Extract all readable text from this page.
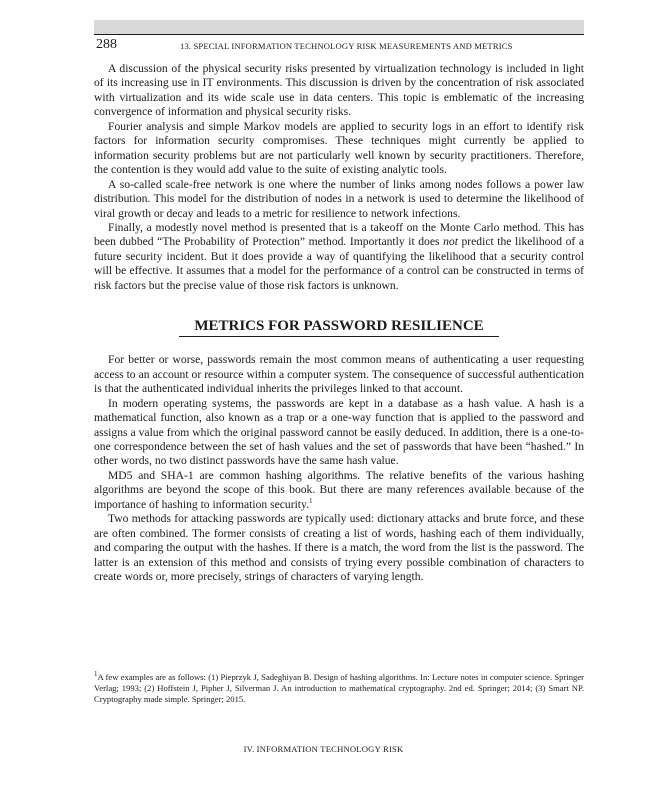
288	13. SPECIAL INFORMATION TECHNOLOGY RISK MEASUREMENTS AND METRICS

A discussion of the physical security risks presented by virtualization technology is included in light of its increasing use in IT environments. This discussion is driven by the concentration of risk associated with virtualization and its wide scale use in data centers. This topic is emblematic of the increasing convergence of information and physical security risks.

Fourier analysis and simple Markov models are applied to security logs in an effort to identify risk factors for information security compromises. These techniques might currently be applied to information security problems but are not particularly well known by security practitioners. Therefore, the contention is they would add value to the suite of existing analytic tools.

A so-called scale-free network is one where the number of links among nodes follows a power law distribution. This model for the distribution of nodes in a network is used to determine the likelihood of viral growth or decay and leads to a metric for resilience to network infections.

Finally, a modestly novel method is presented that is a takeoff on the Monte Carlo method. This has been dubbed “The Probability of Protection” method. Importantly it does not predict the likelihood of a future security incident. But it does provide a way of quantifying the likelihood that a security control will be effective. It assumes that a model for the performance of a control can be constructed in terms of risk factors but the precise value of those risk factors is unknown.

METRICS FOR PASSWORD RESILIENCE

For better or worse, passwords remain the most common means of authenticating a user requesting access to an account or resource within a computer system. The consequence of successful authentication is that the authenticated individual inherits the privileges linked to that account.

In modern operating systems, the passwords are kept in a database as a hash value. A hash is a mathematical function, also known as a trap or a one-way function that is applied to the password and assigns a value from which the original password cannot be easily deduced. In addition, there is a one-to-one correspondence between the set of hash values and the set of passwords that have been “hashed.” In other words, no two distinct passwords have the same hash value.

MD5 and SHA-1 are common hashing algorithms. The relative benefits of the various hashing algorithms are beyond the scope of this book. But there are many references available because of the importance of hashing to information security.$^1$

Two methods for attacking passwords are typically used: dictionary attacks and brute force, and these are often combined. The former consists of creating a list of words, hashing each of them individually, and comparing the output with the hashes. If there is a match, the word from the list is the password. The latter is an extension of this method and consists of trying every possible combination of characters to create words or, more precisely, strings of characters of varying length.

$^1$A few examples are as follows: (1) Pieprzyk J, Sadeghiyan B. Design of hashing algorithms. In: Lecture notes in computer science. Springer Verlag; 1993; (2) Hoffstein J, Pipher J, Silverman J. An introduction to mathematical cryptography. 2nd ed. Springer; 2014; (3) Smart NP. Cryptography made simple. Springer; 2015.

IV. INFORMATION TECHNOLOGY RISK
